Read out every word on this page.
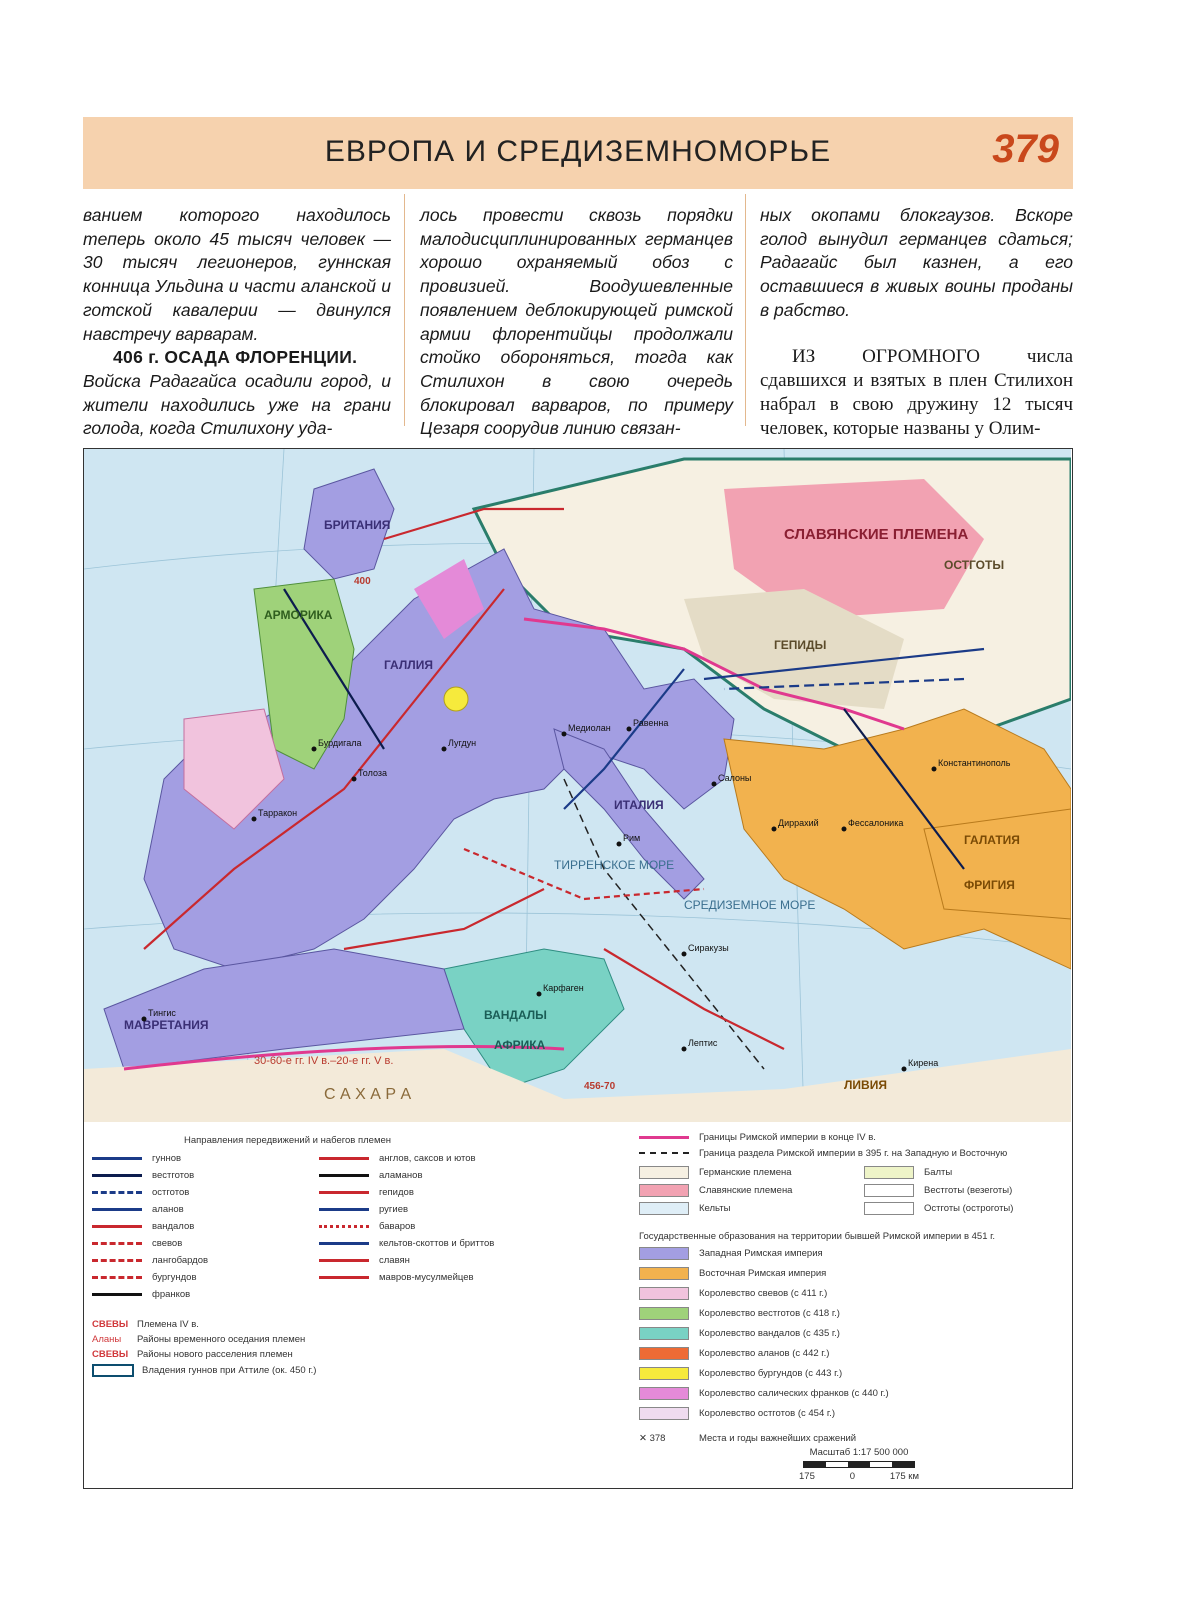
ЕВРОПА И СРЕДИЗЕМНОМОРЬЕ	379

ванием которого находилось теперь около 45 тысяч человек — 30 тысяч легионеров, гуннская конница Ульдина и части аланской и готской кавалерии — двинулся навстречу варварам.

406 г. ОСАДА ФЛОРЕНЦИИ.

Войска Радагайса осадили город, и жители находились уже на грани голода, когда Стилихону уда-

лось провести сквозь порядки малодисциплинированных германцев хорошо охраняемый обоз с провизией. Воодушевленные появлением деблокирующей римской армии флорентийцы продолжали стойко обороняться, тогда как Стилихон в свою очередь блокировал варваров, по примеру Цезаря соорудив линию связан-

ных окопами блокгаузов. Вскоре голод вынудил германцев сдаться; Радагайс был казнен, а его оставшиеся в живых воины проданы в рабство.

ИЗ ОГРОМНОГО числа сдавшихся и взятых в плен Стилихон набрал в свою дружину 12 тысяч человек, которые названы у Олим-

БРИТАНИЯ
АРМОРИКА
ГАЛЛИЯ
ИТАЛИЯ
СЛАВЯНСКИЕ ПЛЕМЕНА
ГЕПИДЫ
ОСТГОТЫ
ВАНДАЛЫ
МАВРЕТАНИЯ
АФРИКА
ГАЛАТИЯ
ФРИГИЯ
ЛИВИЯ
СРЕДИЗЕМНОЕ МОРЕ
ТИРРЕНСКОЕ МОРЕ
С А Х А Р А
30-60-е гг. IV в.–20-е гг. V в.
400
456-70
Рим
Карфаген
Равенна
Медиолан
Сиракузы
Салоны
Диррахий
Тингис
Бурдигала
Толоза
Лугдун
Тарракон
Константинополь
Фессалоника
Кирена
Лептис
Направления передвижений и набегов племен
гуннов
вестготов
остготов
аланов
вандалов
свевов
лангобардов
бургундов
франков
англов, саксов и ютов
аламанов
гепидов
ругиев
баваров
кельтов-скоттов и бриттов
славян
мавров-мусулмейцев
СВЕВЫ Племена IV в.
Аланы	Районы временного оседания племен
СВЕВЫ Районы нового расселения племен
Владения гуннов при Аттиле (ок. 450 г.)
Границы Римской империи в конце IV в.
Граница раздела Римской империи в 395 г. на Западную и Восточную
Германские племена
Славянские племена
Кельты
Балты
Вестготы (везеготы)
Остготы (остроготы)
Государственные образования на территории бывшей Римской империи в 451 г.
Западная Римская империя
Восточная Римская империя
Королевство свевов (с 411 г.)
Королевство вестготов (с 418 г.)
Королевство вандалов (с 435 г.)
Королевство аланов (с 442 г.)
Королевство бургундов (с 443 г.)
Королевство салических франков (с 440 г.)
Королевство остготов (с 454 г.)
✕ 378	Места и годы важнейших сражений
Масштаб 1:17 500 000
175	0	175 км
